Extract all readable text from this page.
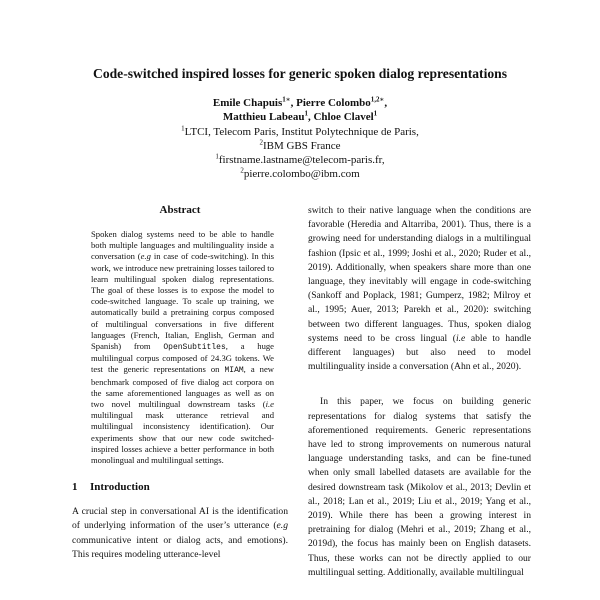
Code-switched inspired losses for generic spoken dialog representations
Emile Chapuis$^{1∗}$, Pierre Colombo$^{1,2∗}$,
Matthieu Labeau$^1$, Chloe Clavel$^1$
$^1$LTCI, Telecom Paris, Institut Polytechnique de Paris,
$^2$IBM GBS France
$^1$firstname.lastname@telecom-paris.fr,
$^2$pierre.colombo@ibm.com
Abstract

Spoken dialog systems need to be able to handle both multiple languages and multilinguality inside a conversation (e.g in case of code-switching). In this work, we introduce new pretraining losses tailored to learn multilingual spoken dialog representations. The goal of these losses is to expose the model to code-switched language. To scale up training, we automatically build a pretraining corpus composed of multilingual conversations in five different languages (French, Italian, English, German and Spanish) from OpenSubtitles, a huge multilingual corpus composed of 24.3G tokens. We test the generic representations on MIAM, a new benchmark composed of five dialog act corpora on the same aforementioned languages as well as on two novel multilingual downstream tasks (i.e multilingual mask utterance retrieval and multilingual inconsistency identification). Our experiments show that our new code switched-inspired losses achieve a better performance in both monolingual and multilingual settings.

1 Introduction

A crucial step in conversational AI is the identification of underlying information of the user’s utterance (e.g communicative intent or dialog acts, and emotions). This requires modeling utterance-level

switch to their native language when the conditions are favorable (Heredia and Altarriba, 2001). Thus, there is a growing need for understanding dialogs in a multilingual fashion (Ipsic et al., 1999; Joshi et al., 2020; Ruder et al., 2019). Additionally, when speakers share more than one language, they inevitably will engage in code-switching (Sankoff and Poplack, 1981; Gumperz, 1982; Milroy et al., 1995; Auer, 2013; Parekh et al., 2020): switching between two different languages. Thus, spoken dialog systems need to be cross lingual (i.e able to handle different languages) but also need to model multilinguality inside a conversation (Ahn et al., 2020).

In this paper, we focus on building generic representations for dialog systems that satisfy the aforementioned requirements. Generic representations have led to strong improvements on numerous natural language understanding tasks, and can be fine-tuned when only small labelled datasets are available for the desired downstream task (Mikolov et al., 2013; Devlin et al., 2018; Lan et al., 2019; Liu et al., 2019; Yang et al., 2019). While there has been a growing interest in pretraining for dialog (Mehri et al., 2019; Zhang et al., 2019d), the focus has mainly been on English datasets. Thus, these works can not be directly applied to our multilingual setting. Additionally, available multilingual
